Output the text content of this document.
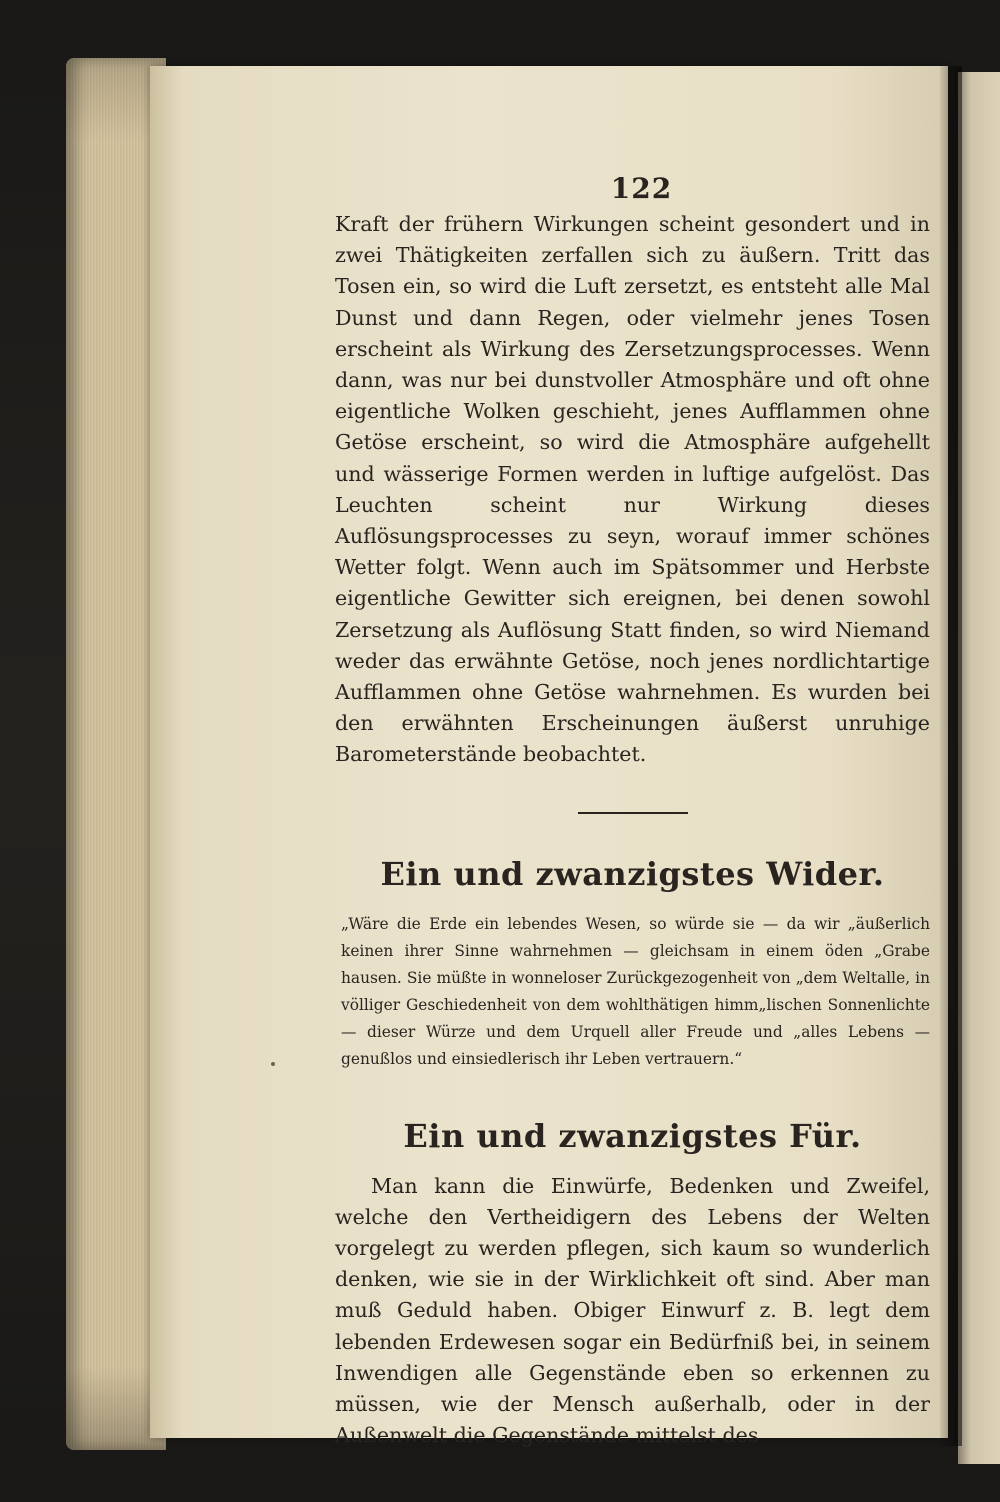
122

Kraft der frühern Wirkungen scheint gesondert und in zwei Thätigkeiten zerfallen sich zu äußern. Tritt das Tosen ein, so wird die Luft zersetzt, es entsteht alle Mal Dunst und dann Regen, oder vielmehr jenes Tosen erscheint als Wirkung des Zersetzungsprocesses. Wenn dann, was nur bei dunstvoller Atmosphäre und oft ohne eigentliche Wolken geschieht, jenes Aufflammen ohne Getöse erscheint, so wird die Atmosphäre aufgehellt und wässerige Formen werden in luftige aufgelöst. Das Leuchten scheint nur Wirkung dieses Auflösungsprocesses zu seyn, worauf immer schönes Wetter folgt. Wenn auch im Spätsommer und Herbste eigentliche Gewitter sich ereignen, bei denen sowohl Zersetzung als Auflösung Statt finden, so wird Niemand weder das erwähnte Getöse, noch jenes nordlichtartige Aufflammen ohne Getöse wahrnehmen. Es wurden bei den erwähnten Erscheinungen äußerst unruhige Barometerstände beobachtet.

Ein und zwanzigstes Wider.

„Wäre die Erde ein lebendes Wesen, so würde sie — da wir „äußerlich keinen ihrer Sinne wahrnehmen — gleichsam in einem öden „Grabe hausen. Sie müßte in wonneloser Zurückgezogenheit von „dem Weltalle, in völliger Geschiedenheit von dem wohlthätigen himm„lischen Sonnenlichte — dieser Würze und dem Urquell aller Freude und „alles Lebens — genußlos und einsiedlerisch ihr Leben vertrauern.“

Ein und zwanzigstes Für.

Man kann die Einwürfe, Bedenken und Zweifel, welche den Vertheidigern des Lebens der Welten vorgelegt zu werden pflegen, sich kaum so wunderlich denken, wie sie in der Wirklichkeit oft sind. Aber man muß Geduld haben. Obiger Einwurf z. B. legt dem lebenden Erdewesen sogar ein Bedürfniß bei, in seinem Inwendigen alle Gegenstände eben so erkennen zu müssen, wie der Mensch außerhalb, oder in der Außenwelt die Gegenstände mittelst des
